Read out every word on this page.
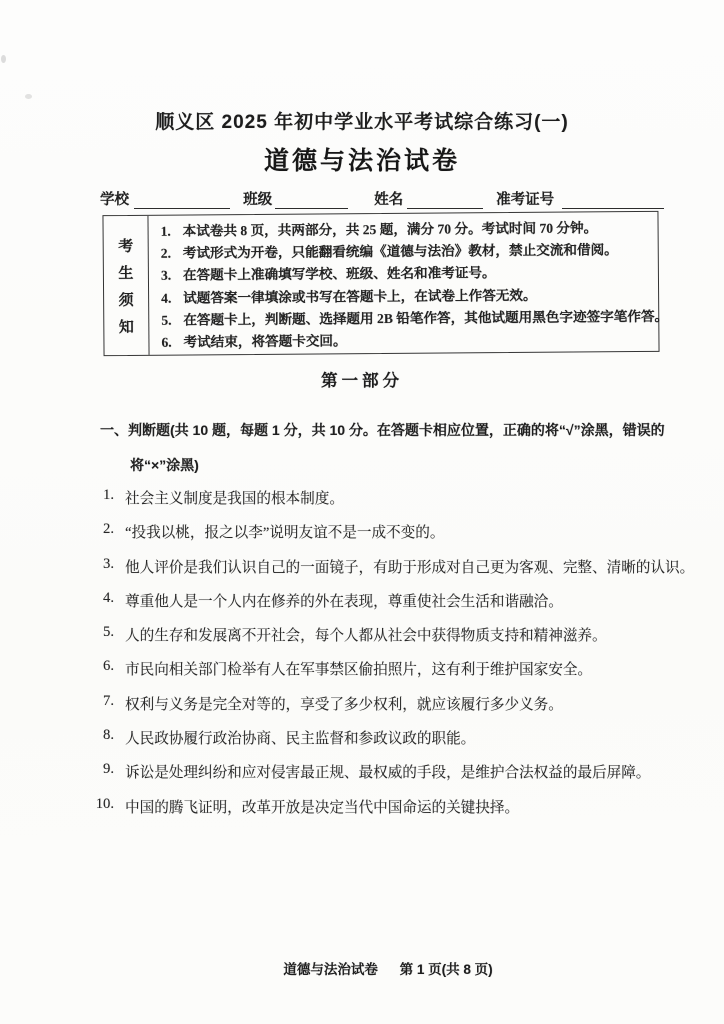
顺义区 2025 年初中学业水平考试综合练习(一)
道德与法治试卷
学校	班级	姓名	准考证号
考
生
须
知
1. 本试卷共 8 页，共两部分，共 25 题，满分 70 分。考试时间 70 分钟。
2. 考试形式为开卷，只能翻看统编《道德与法治》教材，禁止交流和借阅。
3. 在答题卡上准确填写学校、班级、姓名和准考证号。
4. 试题答案一律填涂或书写在答题卡上，在试卷上作答无效。
5. 在答题卡上，判断题、选择题用 2B 铅笔作答，其他试题用黑色字迹签字笔作答。
6. 考试结束，将答题卡交回。
第一部分
一、判断题(共 10 题，每题 1 分，共 10 分。在答题卡相应位置，正确的将“√”涂黑，错误的
将“×”涂黑)
1. 社会主义制度是我国的根本制度。
2. “投我以桃，报之以李”说明友谊不是一成不变的。
3. 他人评价是我们认识自己的一面镜子，有助于形成对自己更为客观、完整、清晰的认识。
4. 尊重他人是一个人内在修养的外在表现，尊重使社会生活和谐融洽。
5. 人的生存和发展离不开社会，每个人都从社会中获得物质支持和精神滋养。
6. 市民向相关部门检举有人在军事禁区偷拍照片，这有利于维护国家安全。
7. 权利与义务是完全对等的，享受了多少权利，就应该履行多少义务。
8. 人民政协履行政治协商、民主监督和参政议政的职能。
9. 诉讼是处理纠纷和应对侵害最正规、最权威的手段，是维护合法权益的最后屏障。
10. 中国的腾飞证明，改革开放是决定当代中国命运的关键抉择。
道德与法治试卷 第 1 页(共 8 页)
